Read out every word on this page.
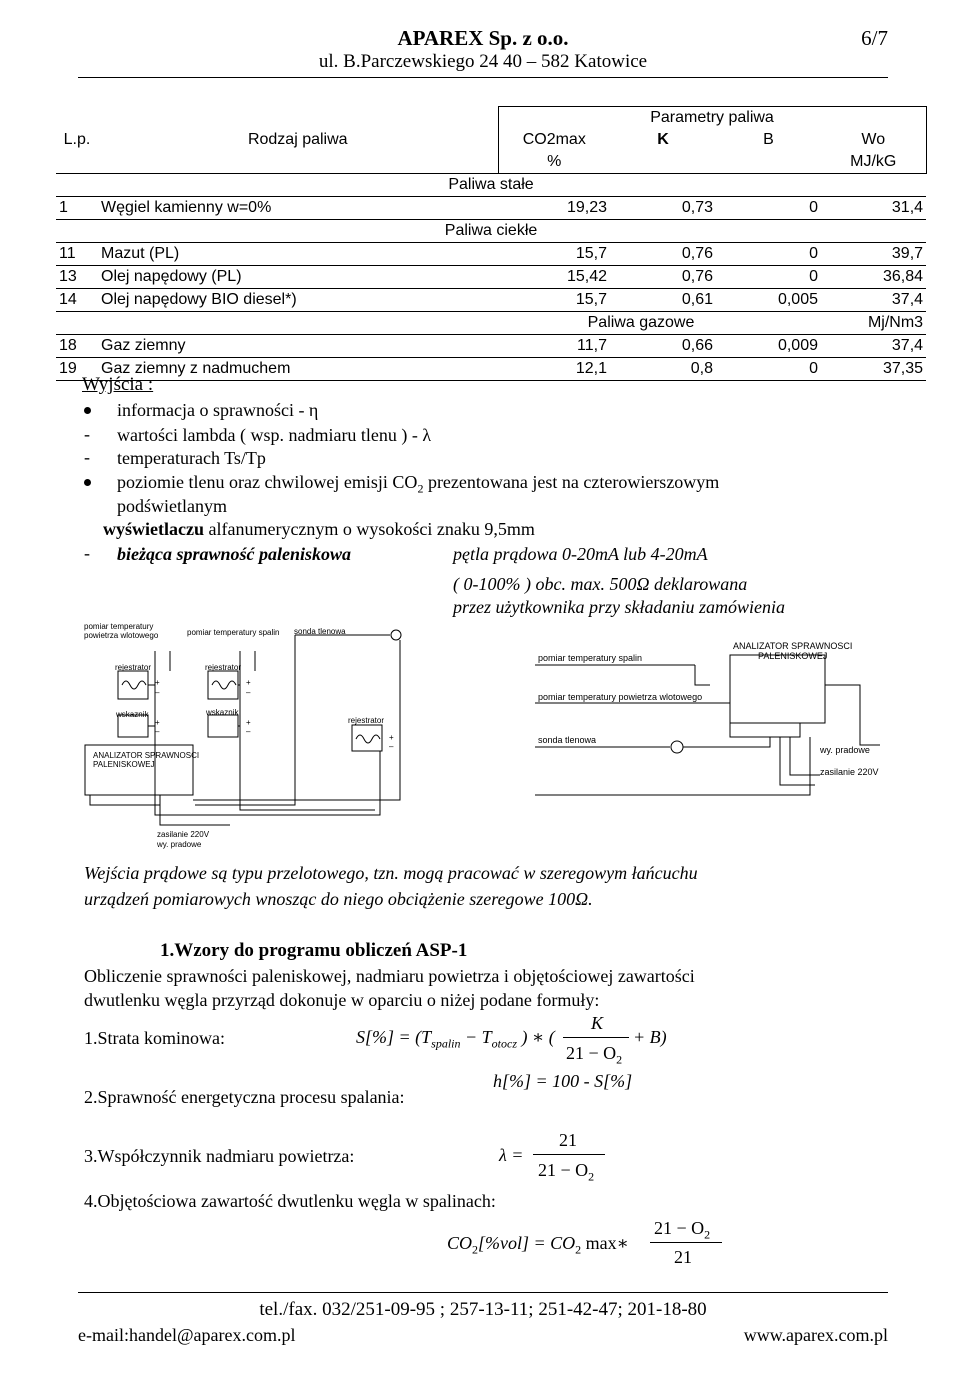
APAREX Sp. z o.o.	6/7
ul. B.Parczewskiego 24 40 – 582 Katowice
		Parametry paliwa			
L.p.	Rodzaj paliwa	CO2max	K	B	Wo
		%			MJ/kG
Paliwa stałe					
1	Węgiel kamienny w=0%	19,23	0,73	0	31,4
Paliwa ciekłe					
11	Mazut (PL)	15,7	0,76	0	39,7
13	Olej napędowy (PL)	15,42	0,76	0	36,84
14	Olej napędowy BIO diesel*)	15,7	0,61	0,005	37,4
		Paliwa gazowe			Mj/Nm3
18	Gaz ziemny	11,7	0,66	0,009	37,4
19	Gaz ziemny z nadmuchem	12,1	0,8	0	37,35
Wyjścia :
informacja o sprawności - η
- wartości lambda ( wsp. nadmiaru tlenu ) - λ
- temperaturach Ts/Tp
poziomie tlenu oraz chwilowej emisji $CO_2$ prezentowana jest na czterowierszowym
podświetlanym
wyświetlaczu alfanumerycznym o wysokości znaku 9,5mm
- bieżąca sprawność paleniskowa	pętla prądowa 0-20mA lub 4-20mA
( 0-100% ) obc. max. 500Ω deklarowana
przez użytkownika przy składaniu zamówienia
pomiar temperatury
powietrza wlotowego	pomiar temperatury spalin sonda tlenowa
rejestrator	rejestrator
wskaznik	wskaznik
rejestrator
ANALIZATOR SPRAWNOSCI
PALENISKOWEJ
zasilanie 220V
wy. pradowe
+
–
+
–
+
–
+
–
+
–
pomiar temperatury spalin
ANALIZATOR SPRAWNOSCI
PALENISKOWEJ
pomiar temperatury powietrza wlotowego
sonda tlenowa
wy. pradowe
zasilanie 220V
Wejścia prądowe są typu przelotowego, tzn. mogą pracować w szeregowym łańcuchu
urządzeń pomiarowych wnosząc do niego obciążenie szeregowe 100Ω.
1.Wzory do programu obliczeń ASP-1
Obliczenie sprawności paleniskowej, nadmiaru powietrza i objętościowej zawartości
dwutlenku węgla przyrząd dokonuje w oparciu o niżej podane formuły:
1.Strata kominowa:	$S[\%] = (T_{spalin} - T_{otocz}$ ) ∗ (
K
$21 - O_2$
+ B)
h[%] = 100 - S[%]
2.Sprawność energetyczna procesu spalania:
3.Współczynnik nadmiaru powietrza:	λ =
21
$21 - O_2$
4.Objętościowa zawartość dwutlenku węgla w spalinach:
$CO_2[\%vol] = CO_2$ max∗
$21 - O_2$
21
tel./fax. 032/251-09-95 ; 257-13-11; 251-42-47; 201-18-80
e-mail:handel@aparex.com.pl	www.aparex.com.pl
